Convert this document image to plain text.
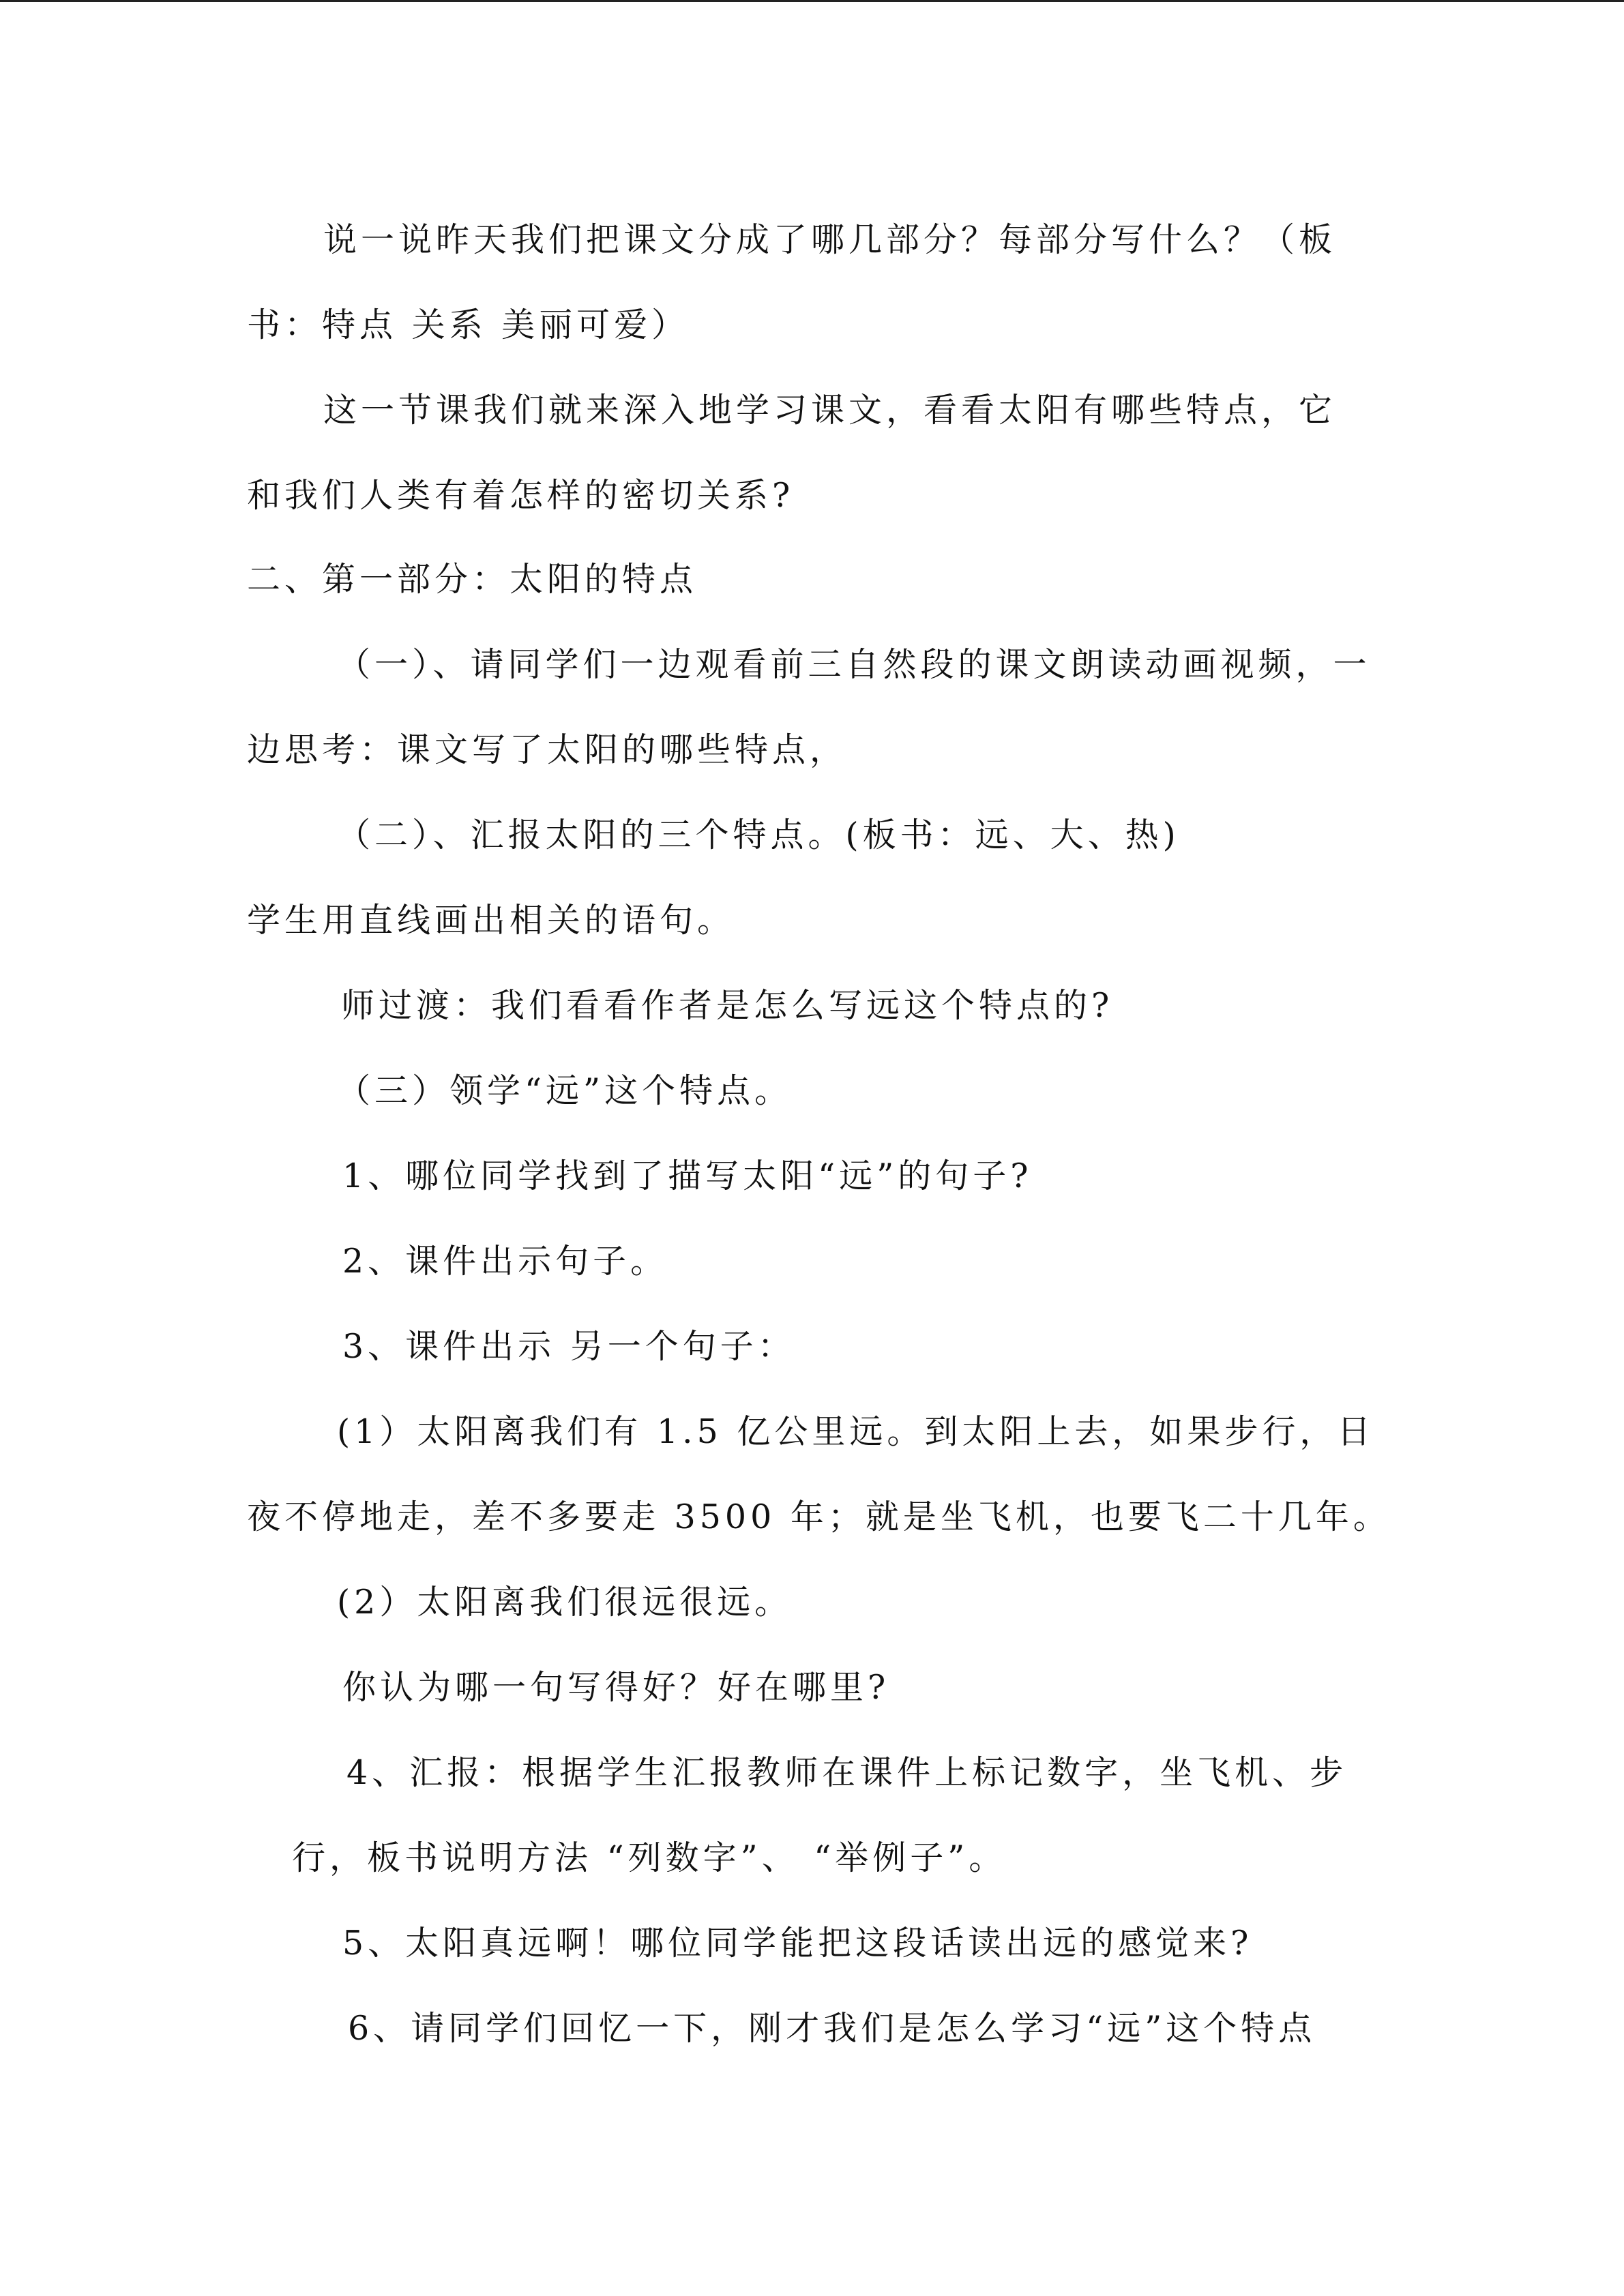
说一说昨天我们把课文分成了哪几部分？每部分写什么？（板
书：特点 关系 美丽可爱）
这一节课我们就来深入地学习课文，看看太阳有哪些特点，它
和我们人类有着怎样的密切关系?
二、第一部分：太阳的特点
（一）、请同学们一边观看前三自然段的课文朗读动画视频，一
边思考：课文写了太阳的哪些特点，
（二）、汇报太阳的三个特点。(板书：远、大、热)
学生用直线画出相关的语句。
师过渡：我们看看作者是怎么写远这个特点的?
（三）领学“远”这个特点。
1、哪位同学找到了描写太阳“远”的句子?
2、课件出示句子。
3、课件出示 另一个句子：
(1）太阳离我们有 1.5 亿公里远。到太阳上去，如果步行，日
夜不停地走，差不多要走 3500 年；就是坐飞机，也要飞二十几年。
(2）太阳离我们很远很远。
你认为哪一句写得好？好在哪里?
4、汇报：根据学生汇报教师在课件上标记数字，坐飞机、步
行，板书说明方法 “列数字”、 “举例子”。
5、太阳真远啊！哪位同学能把这段话读出远的感觉来?
6、请同学们回忆一下，刚才我们是怎么学习“远”这个特点
